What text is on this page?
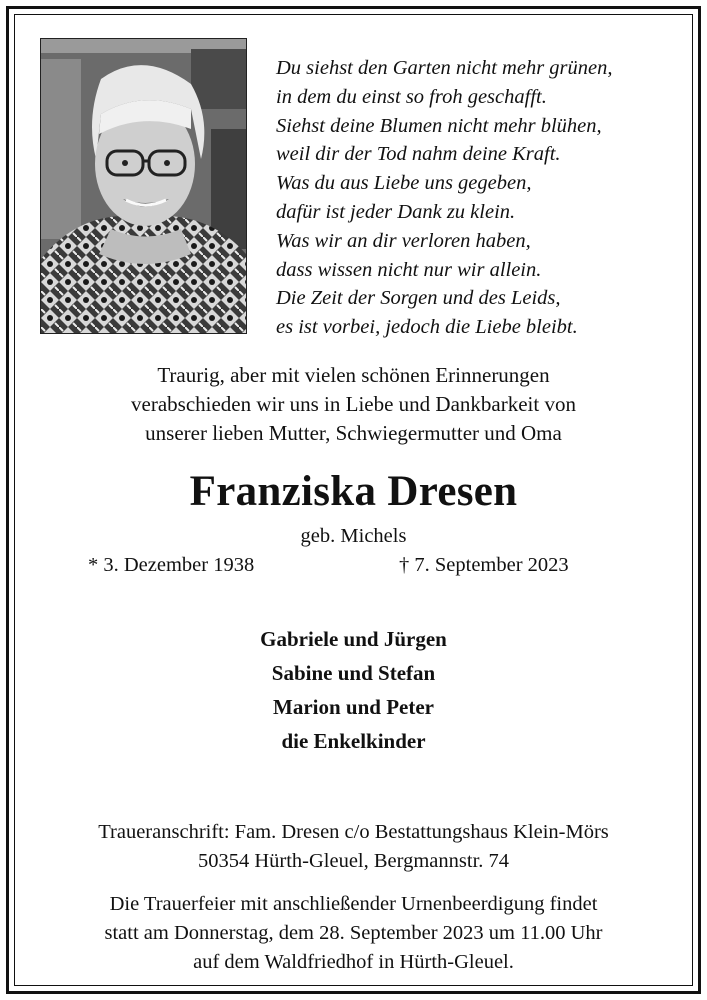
Du siehst den Garten nicht mehr grünen,
in dem du einst so froh geschafft.
Siehst deine Blumen nicht mehr blühen,
weil dir der Tod nahm deine Kraft.
Was du aus Liebe uns gegeben,
dafür ist jeder Dank zu klein.
Was wir an dir verloren haben,
dass wissen nicht nur wir allein.
Die Zeit der Sorgen und des Leids,
es ist vorbei, jedoch die Liebe bleibt.
Traurig, aber mit vielen schönen Erinnerungen
verabschieden wir uns in Liebe und Dankbarkeit von
unserer lieben Mutter, Schwiegermutter und Oma
Franziska Dresen
geb. Michels
* 3. Dezember 1938	† 7. September 2023
Gabriele und Jürgen
Sabine und Stefan
Marion und Peter
die Enkelkinder
Traueranschrift: Fam. Dresen c/o Bestattungshaus Klein-Mörs
50354 Hürth-Gleuel, Bergmannstr. 74
Die Trauerfeier mit anschließender Urnenbeerdigung findet
statt am Donnerstag, dem 28. September 2023 um 11.00 Uhr
auf dem Waldfriedhof in Hürth-Gleuel.
